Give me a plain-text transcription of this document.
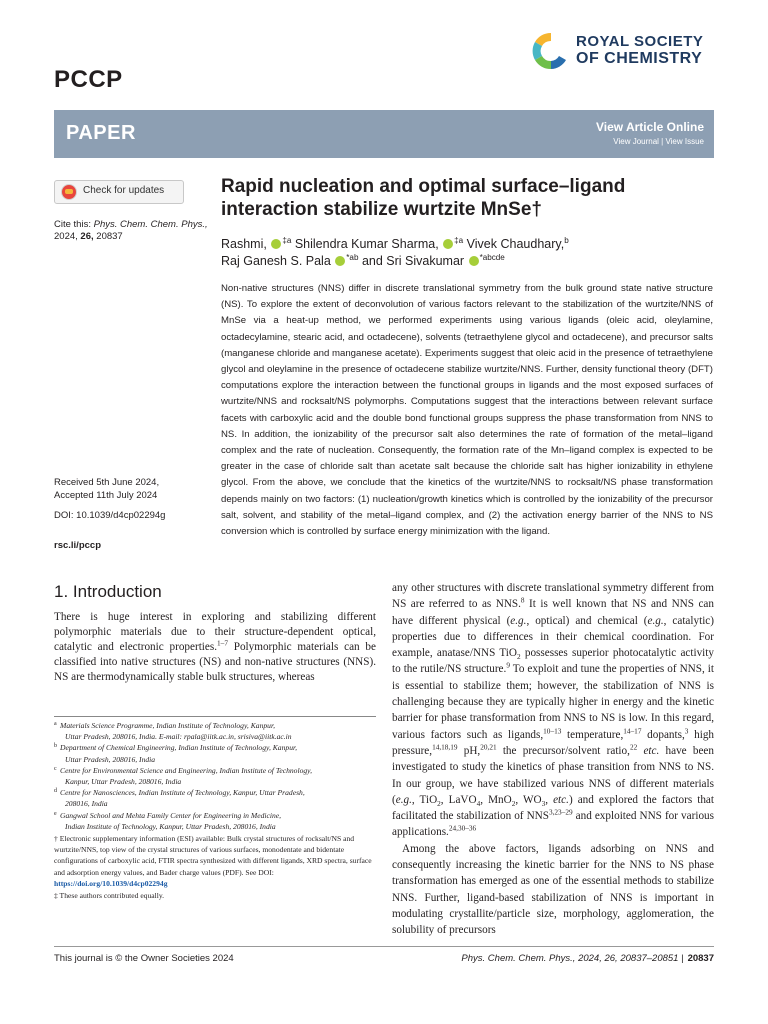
PCCP
ROYAL SOCIETY
OF CHEMISTRY
PAPER	View Article Online
View Journal | View Issue
Check for updates
Cite this: Phys. Chem. Chem. Phys.,
2024, 26, 20837
Received 5th June 2024,
Accepted 11th July 2024
DOI: 10.1039/d4cp02294g
rsc.li/pccp
Rapid nucleation and optimal surface–ligand
interaction stabilize wurtzite MnSe†
Rashmi, $^{\ddagger a}$ Shilendra Kumar Sharma, $^{\ddagger a}$ Vivek Chaudhary,$^b$
Raj Ganesh S. Pala $^{*ab}$ and Sri Sivakumar $^{*abcde}$
Non-native structures (NNS) differ in discrete translational symmetry from the bulk ground state native structure (NS). To explore the extent of deconvolution of various factors relevant to the stabilization of the wurtzite/NNS of MnSe via a heat-up method, we performed experiments using various ligands (oleic acid, oleylamine, octadecylamine, stearic acid, and octadecene), solvents (tetraethylene glycol and octadecene), and precursor salts (manganese chloride and manganese acetate). Experiments suggest that oleic acid in the presence of tetraethylene glycol and oleylamine in the presence of octadecene stabilize wurtzite/NNS. Further, density functional theory (DFT) computations explore the interaction between the functional groups in ligands and the most exposed surfaces of wurtzite/NNS and rocksalt/NS polymorphs. Computations suggest that the interactions between relevant surface facets with carboxylic acid and the double bond functional groups suppress the phase transformation from NNS to NS. In addition, the ionizability of the precursor salt also determines the rate of formation of the metal–ligand complex and the rate of nucleation. Consequently, the formation rate of the Mn–ligand complex is expected to be greater in the case of chloride salt than acetate salt because the chloride salt has higher ionizability in ethylene glycol. From the above, we conclude that the kinetics of the wurtzite/NNS to rocksalt/NS phase transformation depends mainly on two factors: (1) nucleation/growth kinetics which is controlled by the ionizability of the precursor salt, solvent, and stability of the metal–ligand complex, and (2) the activation energy barrier of the NNS to NS conversion which is controlled by surface energy minimization with the ligand.
1. Introduction
There is huge interest in exploring and stabilizing different polymorphic materials due to their structure-dependent optical, catalytic and electronic properties.$^{1-7}$ Polymorphic materials can be classified into native structures (NS) and non-native structures (NNS). NS are thermodynamically stable bulk structures, whereas

any other structures with discrete translational symmetry different from NS are referred to as NNS.$^8$ It is well known that NS and NNS can have different physical (e.g., optical) and chemical (e.g., catalytic) properties due to differences in their chemical coordination. For example, anatase/NNS TiO$_2$ possesses superior photocatalytic activity to the rutile/NS structure.$^9$ To exploit and tune the properties of NNS, it is essential to stabilize them; however, the stabilization of NNS is challenging because they are typically higher in energy and the kinetic barrier for phase transformation from NNS to NS is low. In this regard, various factors such as ligands,$^{10-13}$ temperature,$^{14-17}$ dopants,$^3$ high pressure,$^{14,18,19}$ pH,$^{20,21}$ the precursor/solvent ratio,$^{22}$ etc. have been investigated to study the kinetics of phase transition from NNS to NS. In our group, we have stabilized various NNS of different materials (e.g., TiO$_2$, LaVO$_4$, MnO$_2$, $WO_3$, etc.) and explored the factors that facilitated the stabilization of NNS$^{3,23-29}$ and exploited NNS for various applications.$^{24,30-36}$

Among the above factors, ligands adsorbing on NNS and consequently increasing the kinetic barrier for the NNS to NS phase transformation has emerged as one of the essential methods to stabilize NNS. Further, ligand-based stabilization of NNS is important in modulating crystallite/particle size, morphology, agglomeration, the solubility of precursors

a Materials Science Programme, Indian Institute of Technology, Kanpur,
Uttar Pradesh, 208016, India. E-mail: rpala@iitk.ac.in, srisiva@iitk.ac.in
b Department of Chemical Engineering, Indian Institute of Technology, Kanpur,
Uttar Pradesh, 208016, India
c Centre for Environmental Science and Engineering, Indian Institute of Technology,
Kanpur, Uttar Pradesh, 208016, India
d Centre for Nanosciences, Indian Institute of Technology, Kanpur, Uttar Pradesh,
208016, India
e Gangwal School and Mehta Family Center for Engineering in Medicine,
Indian Institute of Technology, Kanpur, Uttar Pradesh, 208016, India
† Electronic supplementary information (ESI) available: Bulk crystal structures of rocksalt/NS and wurtzite/NNS, top view of the crystal structures of various surfaces, monodentate and bidentate configurations of carboxylic acid, FTIR spectra synthesized with different ligands, XRD spectra, surface and adsorption energy values, and Bader charge values (PDF). See DOI: https://doi.org/10.1039/d4cp02294g
‡ These authors contributed equally.
This journal is © the Owner Societies 2024	Phys. Chem. Chem. Phys., 2024, 26, 20837–20851 | 20837
